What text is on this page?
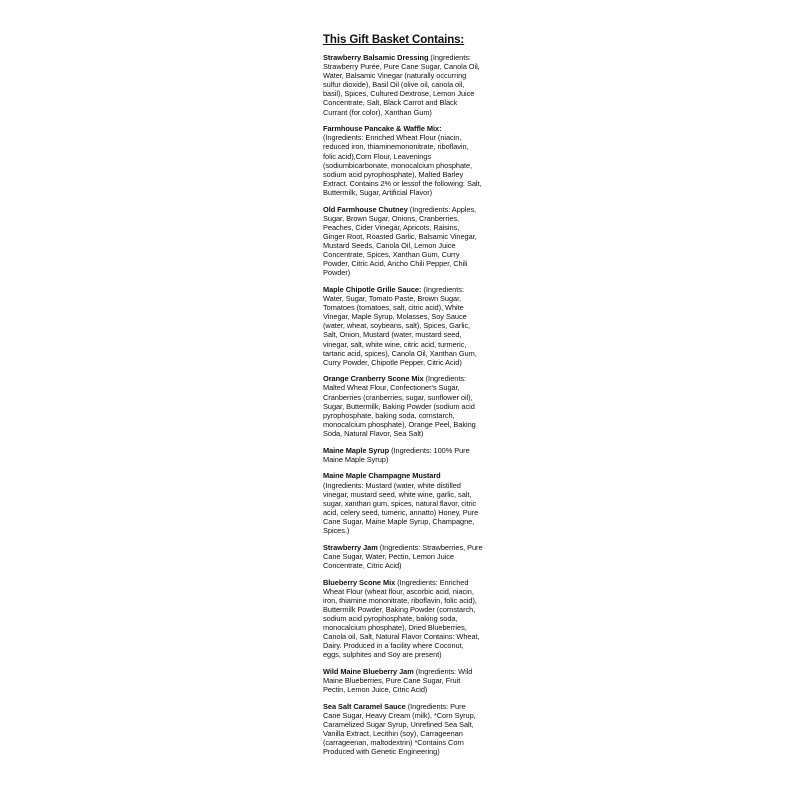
This Gift Basket Contains:
Strawberry Balsamic Dressing (Ingredients: Strawberry Purée, Pure Cane Sugar, Canola Oil, Water, Balsamic Vinegar (naturally occurring sulfur dioxide), Basil Oil (olive oil, canola oil, basil), Spices, Cultured Dextrose, Lemon Juice Concentrate, Salt, Black Carrot and Black Currant (for color), Xanthan Gum)
Farmhouse Pancake & Waffle Mix: (Ingredients: Enriched Wheat Flour (niacin, reduced iron, thiaminemononitrate, riboflavin, folic acid),Corn Flour, Leavenings (sodiumbicarbonate, monocalcium phosphate, sodium acid pyrophosphate), Malted Barley Extract. Contains 2% or lessof the following: Salt, Buttermilk, Sugar, Artificial Flavor)
Old Farmhouse Chutney (Ingredients: Apples, Sugar, Brown Sugar, Onions, Cranberries, Peaches, Cider Vinegar, Apricots, Raisins, Ginger Root, Roasted Garlic, Balsamic Vinegar, Mustard Seeds, Canola Oil, Lemon Juice Concentrate, Spices, Xanthan Gum, Curry Powder, Citric Acid, Ancho Chili Pepper, Chili Powder)
Maple Chipotle Grille Sauce: (Ingredients: Water, Sugar, Tomato Paste, Brown Sugar, Tomatoes (tomatoes, salt, citric acid), White Vinegar, Maple Syrup, Molasses, Soy Sauce (water, wheat, soybeans, salt), Spices, Garlic, Salt, Onion, Mustard (water, mustard seed, vinegar, salt, white wine, citric acid, turmeric, tartaric acid, spices), Canola Oil, Xanthan Gum, Curry Powder, Chipotle Pepper, Citric Acid)
Orange Cranberry Scone Mix (Ingredients: Malted Wheat Flour, Confectioner's Sugar, Cranberries (cranberries, sugar, sunflower oil), Sugar, Buttermilk, Baking Powder (sodium acid pyrophosphate, baking soda, cornstarch, monocalcium phosphate), Orange Peel, Baking Soda, Natural Flavor, Sea Salt)
Maine Maple Syrup (Ingredients: 100% Pure Maine Maple Syrup)
Maine Maple Champagne Mustard (Ingredients: Mustard (water, white distilled vinegar, mustard seed, white wine, garlic, salt, sugar, xanthan gum, spices, natural flavor, citric acid, celery seed, tumeric, annatto) Honey, Pure Cane Sugar, Maine Maple Syrup, Champagne, Spices.)
Strawberry Jam (Ingredients: Strawberries, Pure Cane Sugar, Water, Pectin, Lemon Juice Concentrate, Citric Acid)
Blueberry Scone Mix (Ingredients: Enriched Wheat Flour (wheat flour, ascorbic acid, niacin, iron, thiamine mononitrate, riboflavin, folic acid), Buttermilk Powder, Baking Powder (cornstarch, sodium acid pyrophosphate, baking soda, monocalcium phosphate), Dried Blueberries, Canola oil, Salt, Natural Flavor Contains: Wheat, Dairy. Produced in a facility where Coconut, eggs, sulphites and Soy are present)
Wild Maine Blueberry Jam (Ingredients: Wild Maine Blueberries, Pure Cane Sugar, Fruit Pectin, Lemon Juice, Citric Acid)
Sea Salt Caramel Sauce (Ingredients: Pure Cane Sugar, Heavy Cream (milk), *Corn Syrup, Caramelized Sugar Syrup, Unrefined Sea Salt, Vanilla Extract, Lecithin (soy), Carrageenan (carrageenan, maltodextrin) *Contains Corn Produced with Genetic Engineering)
